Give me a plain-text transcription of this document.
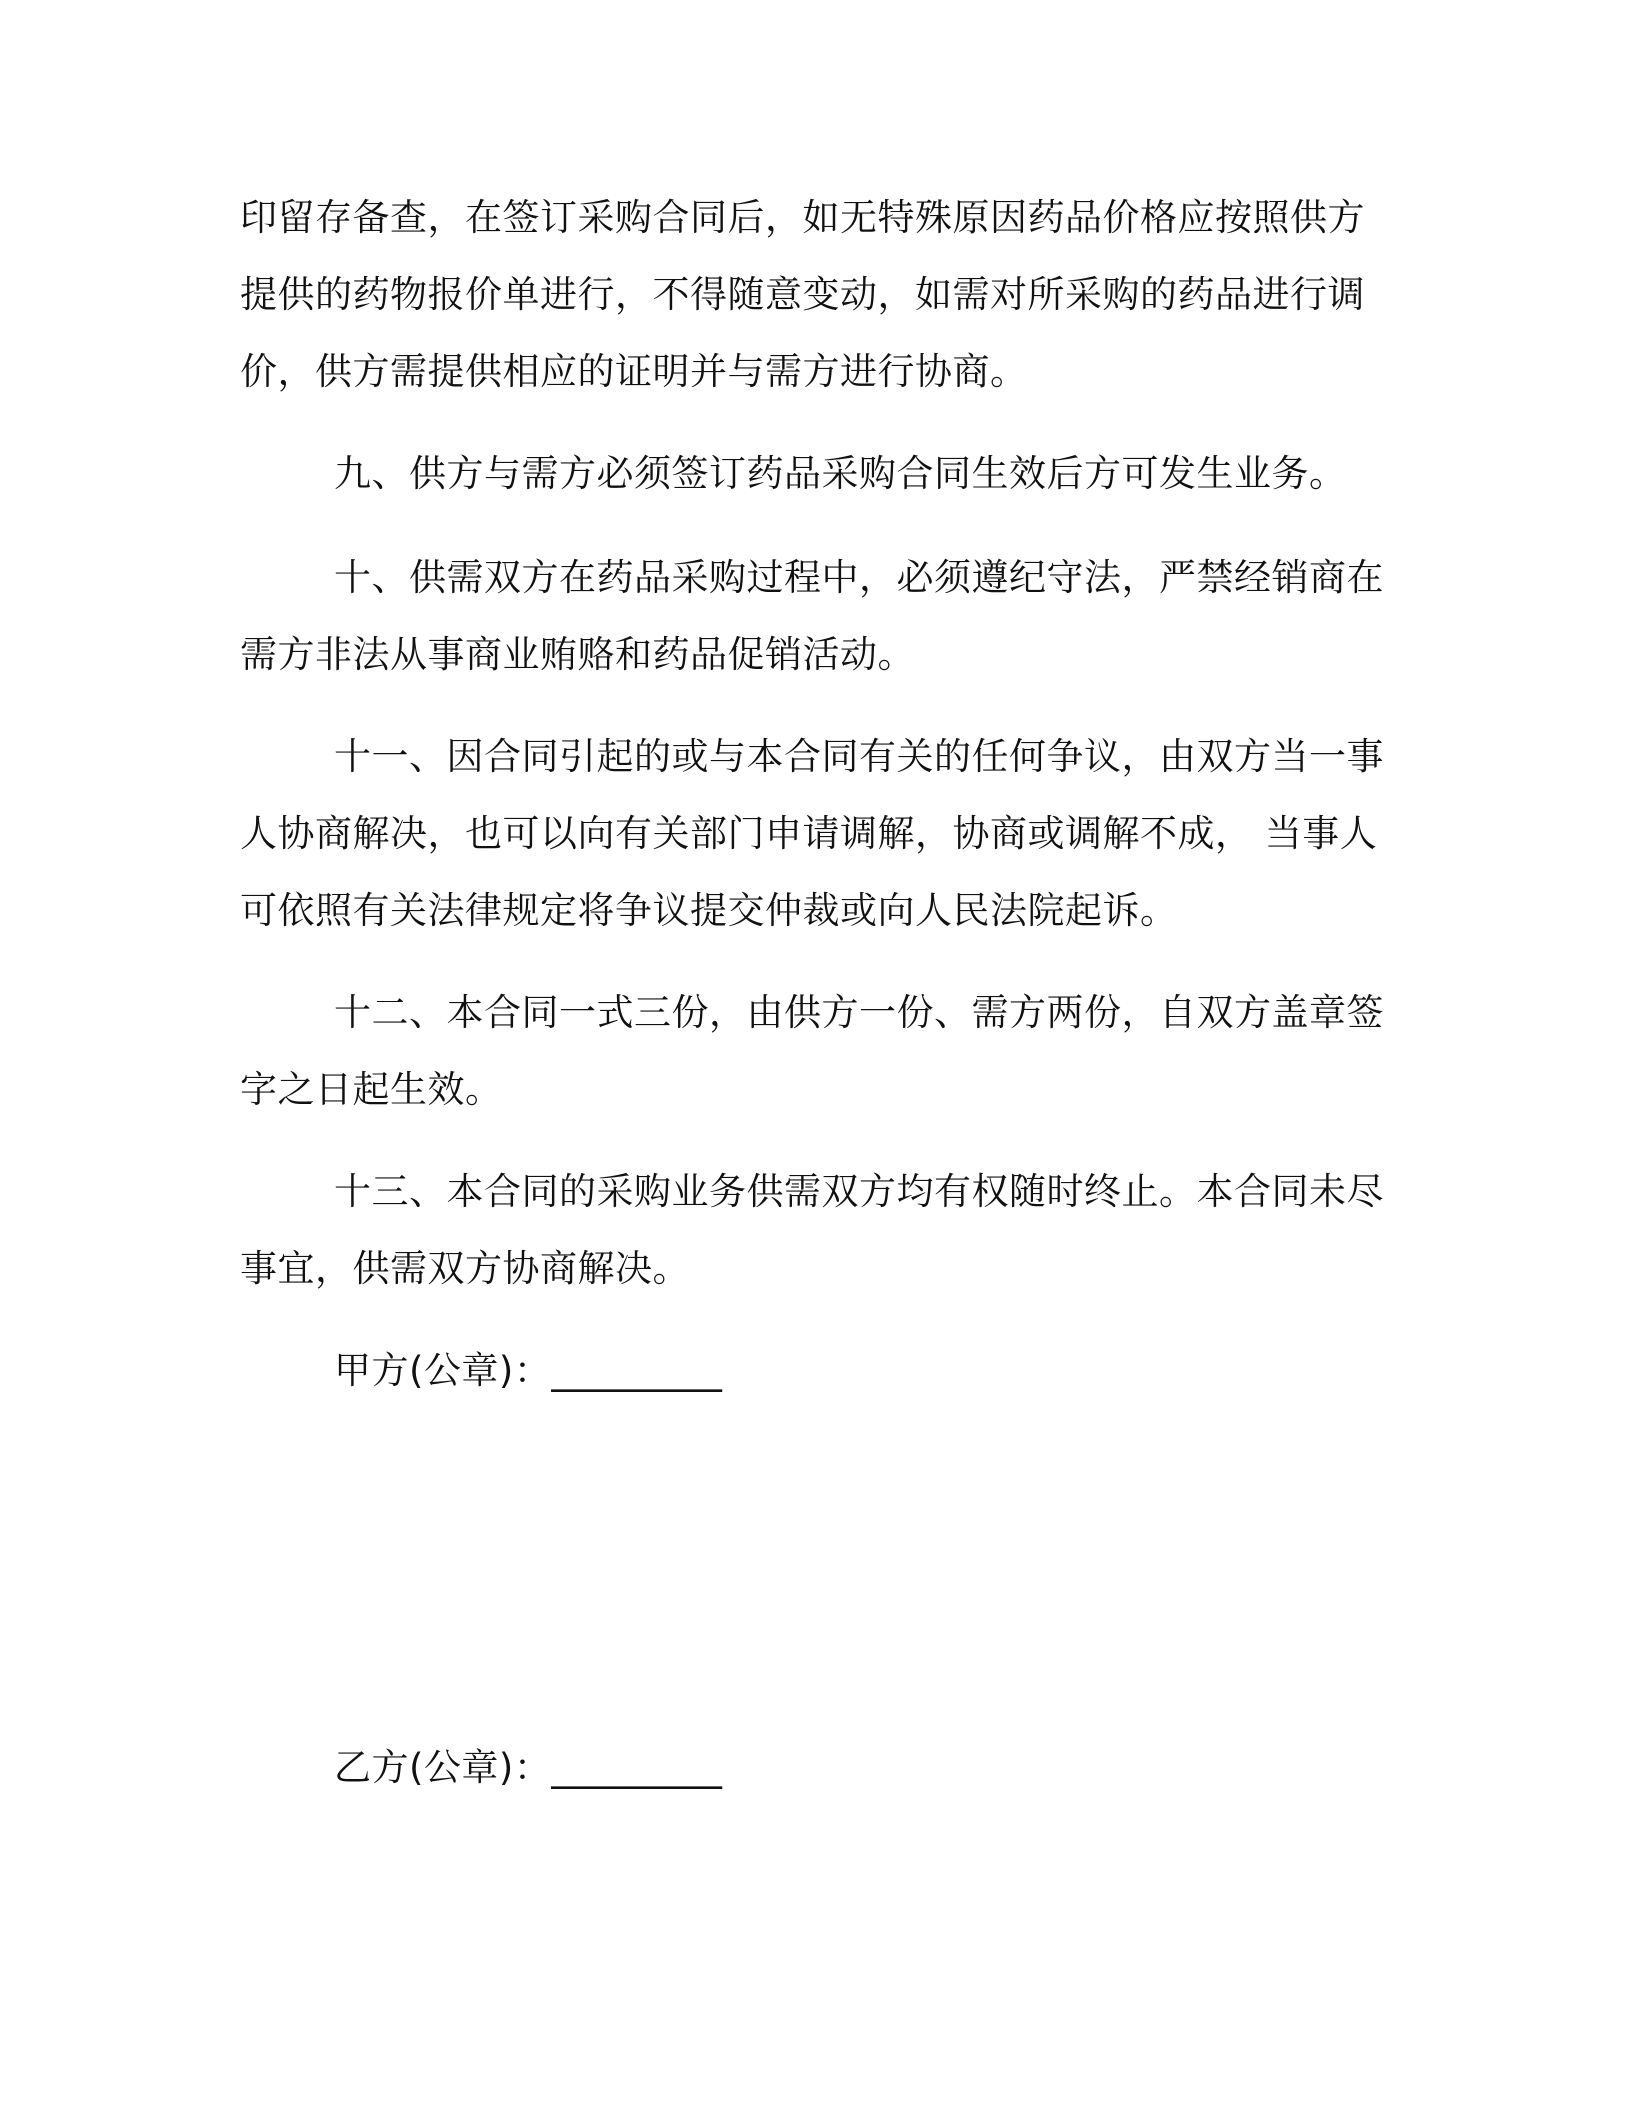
印留存备查，在签订采购合同后，如无特殊原因药品价格应按照供方
提供的药物报价单进行，不得随意变动，如需对所采购的药品进行调
价，供方需提供相应的证明并与需方进行协商。
九、供方与需方必须签订药品采购合同生效后方可发生业务。
十、供需双方在药品采购过程中，必须遵纪守法，严禁经销商在
需方非法从事商业贿赂和药品促销活动。
十一、因合同引起的或与本合同有关的任何争议，由双方当一事
人协商解决，也可以向有关部门申请调解，协商或调解不成， 当事人
可依照有关法律规定将争议提交仲裁或向人民法院起诉。
十二、本合同一式三份，由供方一份、需方两份，自双方盖章签
字之日起生效。
十三、本合同的采购业务供需双方均有权随时终止。本合同未尽
事宜，供需双方协商解决。
甲方(公章)：_________
乙方(公章)：_________
